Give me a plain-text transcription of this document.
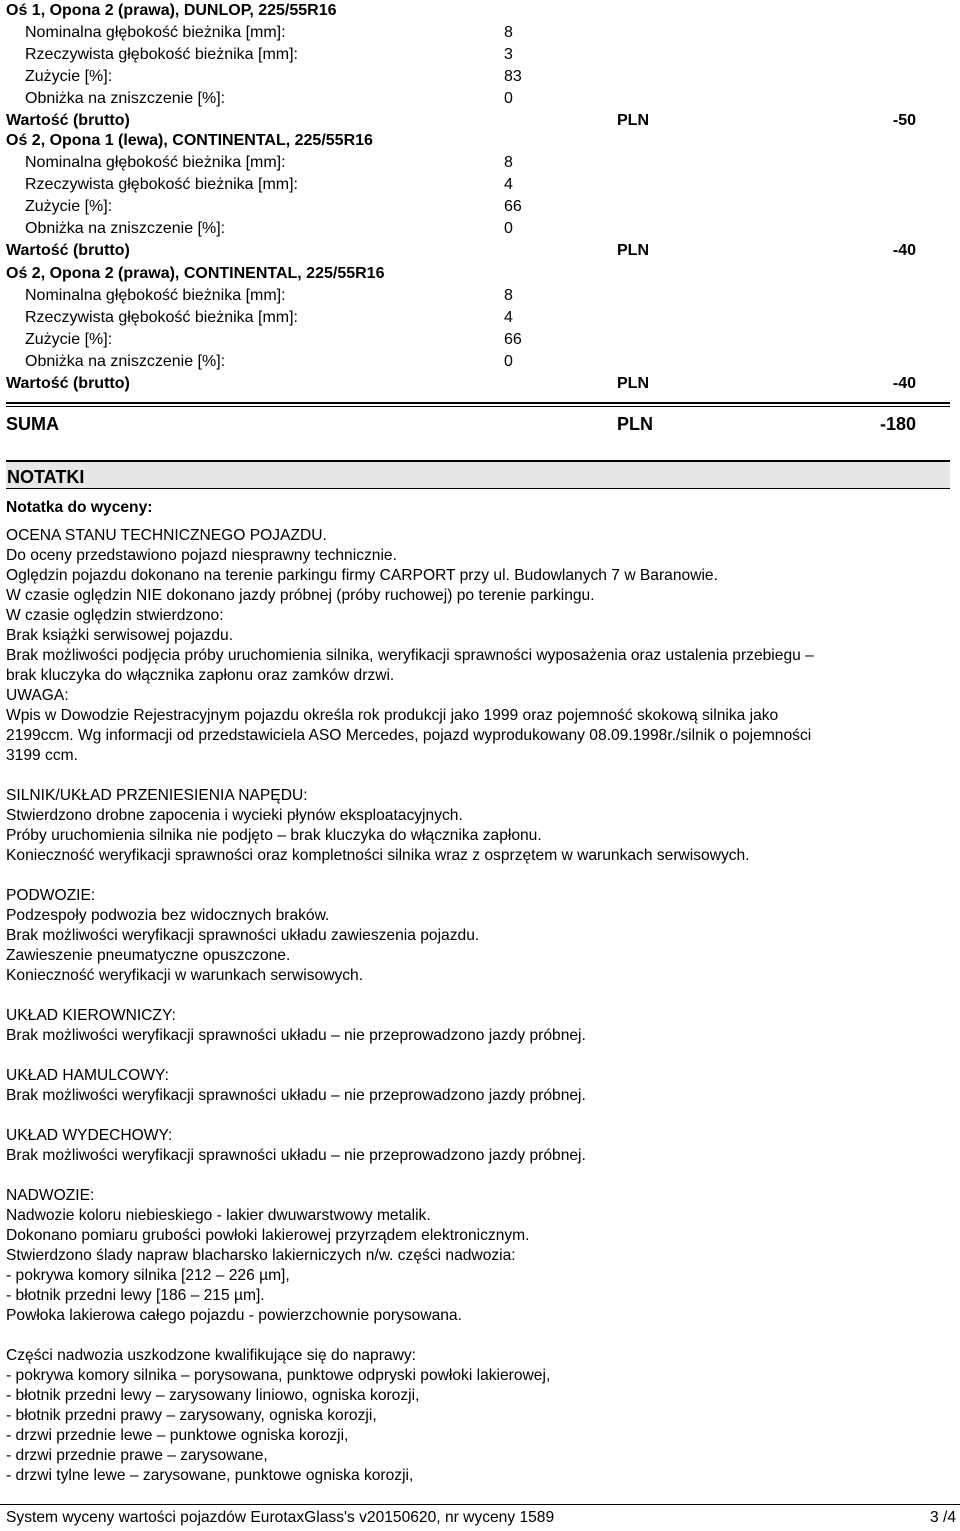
Oś 1, Opona 2 (prawa), DUNLOP, 225/55R16
Nominalna głębokość bieżnika [mm]:	8
Rzeczywista głębokość bieżnika [mm]:	3
Zużycie [%]:	83
Obniżka na zniszczenie [%]:	0
Wartość (brutto)	PLN	-50
Oś 2, Opona 1 (lewa), CONTINENTAL, 225/55R16
Nominalna głębokość bieżnika [mm]:	8
Rzeczywista głębokość bieżnika [mm]:	4
Zużycie [%]:	66
Obniżka na zniszczenie [%]:	0
Wartość (brutto)	PLN	-40
Oś 2, Opona 2 (prawa), CONTINENTAL, 225/55R16
Nominalna głębokość bieżnika [mm]:	8
Rzeczywista głębokość bieżnika [mm]:	4
Zużycie [%]:	66
Obniżka na zniszczenie [%]:	0
Wartość (brutto)	PLN	-40
SUMA	PLN	-180
NOTATKI
Notatka do wyceny:
OCENA STANU TECHNICZNEGO POJAZDU.
Do oceny przedstawiono pojazd niesprawny technicznie.
Oględzin pojazdu dokonano na terenie parkingu firmy CARPORT przy ul. Budowlanych 7 w Baranowie.
W czasie oględzin NIE dokonano jazdy próbnej (próby ruchowej) po terenie parkingu.
W czasie oględzin stwierdzono:
Brak książki serwisowej pojazdu.
Brak możliwości podjęcia próby uruchomienia silnika, weryfikacji sprawności wyposażenia oraz ustalenia przebiegu –
brak kluczyka do włącznika zapłonu oraz zamków drzwi.
UWAGA:
Wpis w Dowodzie Rejestracyjnym pojazdu określa rok produkcji jako 1999 oraz pojemność skokową silnika jako
2199ccm. Wg informacji od przedstawiciela ASO Mercedes, pojazd wyprodukowany 08.09.1998r./silnik o pojemności
3199 ccm.
SILNIK/UKŁAD PRZENIESIENIA NAPĘDU:
Stwierdzono drobne zapocenia i wycieki płynów eksploatacyjnych.
Próby uruchomienia silnika nie podjęto – brak kluczyka do włącznika zapłonu.
Konieczność weryfikacji sprawności oraz kompletności silnika wraz z osprzętem w warunkach serwisowych.
PODWOZIE:
Podzespoły podwozia bez widocznych braków.
Brak możliwości weryfikacji sprawności układu zawieszenia pojazdu.
Zawieszenie pneumatyczne opuszczone.
Konieczność weryfikacji w warunkach serwisowych.
UKŁAD KIEROWNICZY:
Brak możliwości weryfikacji sprawności układu – nie przeprowadzono jazdy próbnej.
UKŁAD HAMULCOWY:
Brak możliwości weryfikacji sprawności układu – nie przeprowadzono jazdy próbnej.
UKŁAD WYDECHOWY:
Brak możliwości weryfikacji sprawności układu – nie przeprowadzono jazdy próbnej.
NADWOZIE:
Nadwozie koloru niebieskiego - lakier dwuwarstwowy metalik.
Dokonano pomiaru grubości powłoki lakierowej przyrządem elektronicznym.
Stwierdzono ślady napraw blacharsko lakierniczych n/w. części nadwozia:
- pokrywa komory silnika [212 – 226 µm],
- błotnik przedni lewy [186 – 215 µm].
Powłoka lakierowa całego pojazdu - powierzchownie porysowana.
Części nadwozia uszkodzone kwalifikujące się do naprawy:
- pokrywa komory silnika – porysowana, punktowe odpryski powłoki lakierowej,
- błotnik przedni lewy – zarysowany liniowo, ogniska korozji,
- błotnik przedni prawy – zarysowany, ogniska korozji,
- drzwi przednie lewe – punktowe ogniska korozji,
- drzwi przednie prawe – zarysowane,
- drzwi tylne lewe – zarysowane, punktowe ogniska korozji,
System wyceny wartości pojazdów EurotaxGlass's v20150620, nr wyceny 1589	3 /4
